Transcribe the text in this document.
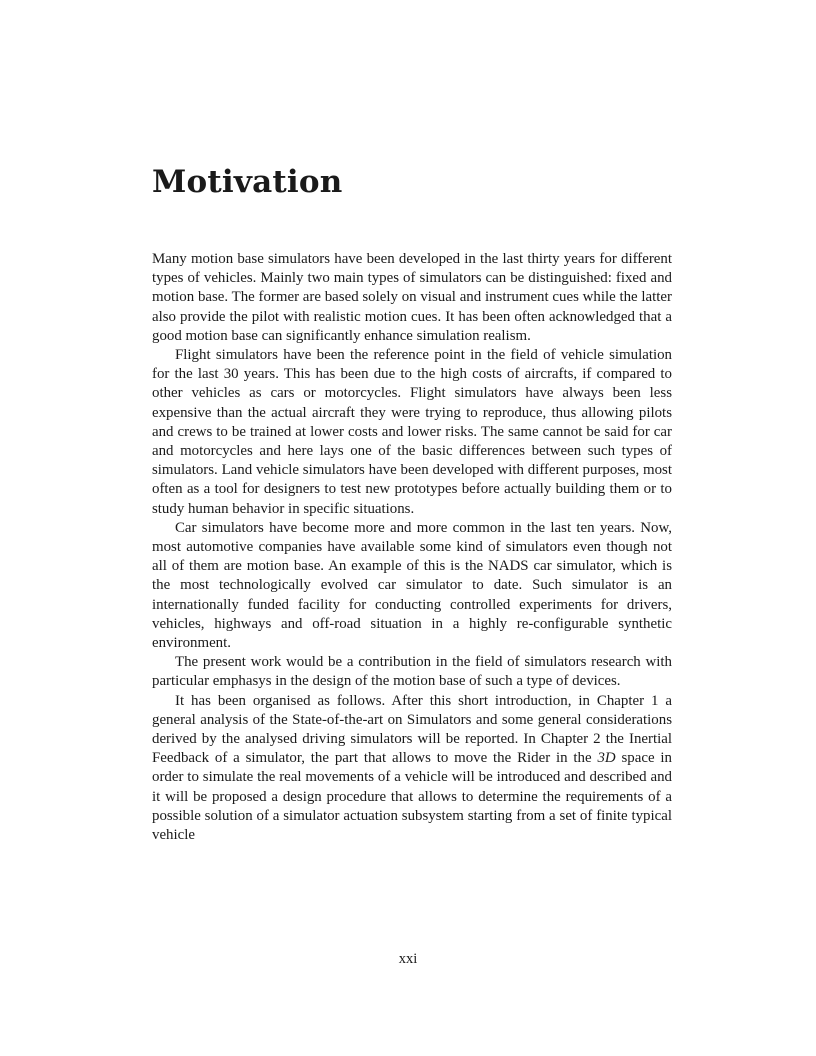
Motivation

Many motion base simulators have been developed in the last thirty years for different types of vehicles. Mainly two main types of simulators can be distinguished: fixed and motion base. The former are based solely on visual and instrument cues while the latter also provide the pilot with realistic motion cues. It has been often acknowledged that a good motion base can significantly enhance simulation realism.

Flight simulators have been the reference point in the field of vehicle simulation for the last 30 years. This has been due to the high costs of aircrafts, if compared to other vehicles as cars or motorcycles. Flight simulators have always been less expensive than the actual aircraft they were trying to reproduce, thus allowing pilots and crews to be trained at lower costs and lower risks. The same cannot be said for car and motorcycles and here lays one of the basic differences between such types of simulators. Land vehicle simulators have been developed with different purposes, most often as a tool for designers to test new prototypes before actually building them or to study human behavior in specific situations.

Car simulators have become more and more common in the last ten years. Now, most automotive companies have available some kind of simulators even though not all of them are motion base. An example of this is the NADS car simulator, which is the most technologically evolved car simulator to date. Such simulator is an internationally funded facility for conducting controlled experiments for drivers, vehicles, highways and off-road situation in a highly re-configurable synthetic environment.

The present work would be a contribution in the field of simulators research with particular emphasys in the design of the motion base of such a type of devices.

It has been organised as follows. After this short introduction, in Chapter 1 a general analysis of the State-of-the-art on Simulators and some general considerations derived by the analysed driving simulators will be reported. In Chapter 2 the Inertial Feedback of a simulator, the part that allows to move the Rider in the 3D space in order to simulate the real movements of a vehicle will be introduced and described and it will be proposed a design procedure that allows to determine the requirements of a possible solution of a simulator actuation subsystem starting from a set of finite typical vehicle

xxi
